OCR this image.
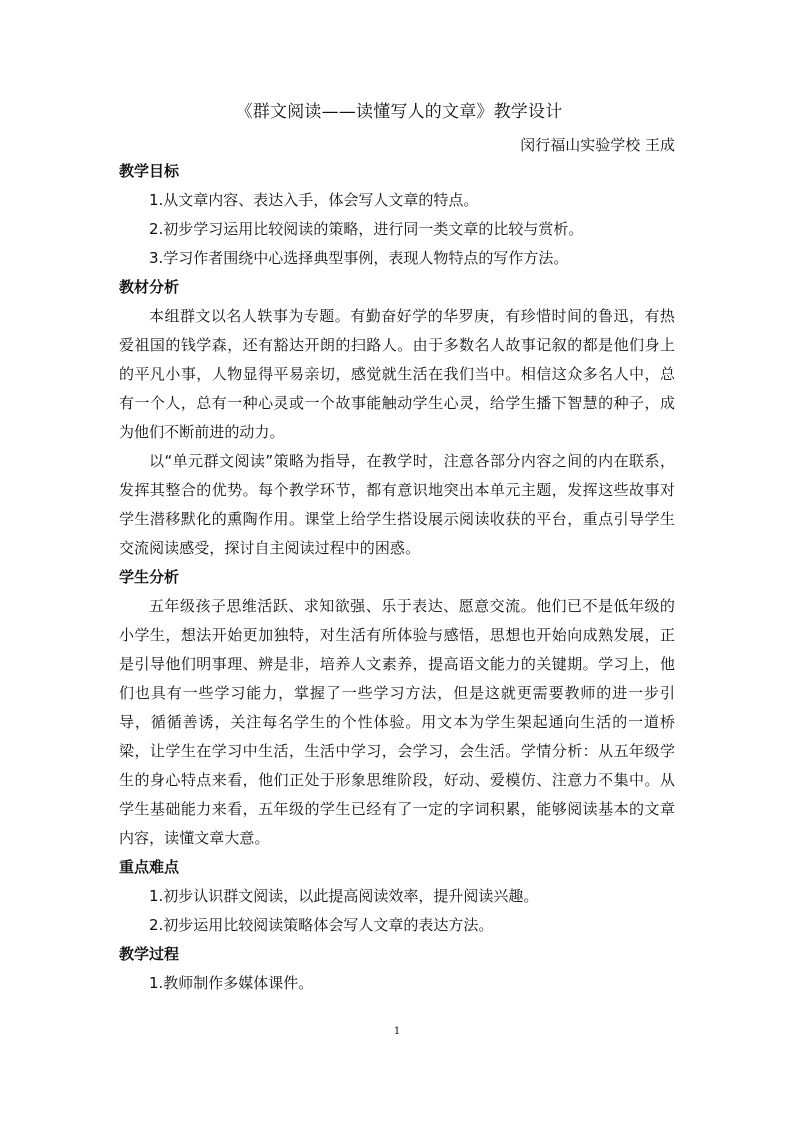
《群文阅读——读懂写人的文章》教学设计
闵行福山实验学校 王成
教学目标
1.从文章内容、表达入手，体会写人文章的特点。
2.初步学习运用比较阅读的策略，进行同一类文章的比较与赏析。
3.学习作者围绕中心选择典型事例，表现人物特点的写作方法。
教材分析
本组群文以名人轶事为专题。有勤奋好学的华罗庚，有珍惜时间的鲁迅，有热爱祖国的钱学森，还有豁达开朗的扫路人。由于多数名人故事记叙的都是他们身上的平凡小事，人物显得平易亲切，感觉就生活在我们当中。相信这众多名人中，总有一个人，总有一种心灵或一个故事能触动学生心灵，给学生播下智慧的种子，成为他们不断前进的动力。
以“单元群文阅读”策略为指导，在教学时，注意各部分内容之间的内在联系，发挥其整合的优势。每个教学环节，都有意识地突出本单元主题，发挥这些故事对学生潜移默化的熏陶作用。课堂上给学生搭设展示阅读收获的平台，重点引导学生交流阅读感受，探讨自主阅读过程中的困惑。
学生分析
五年级孩子思维活跃、求知欲强、乐于表达、愿意交流。他们已不是低年级的小学生，想法开始更加独特，对生活有所体验与感悟，思想也开始向成熟发展，正是引导他们明事理、辨是非，培养人文素养，提高语文能力的关键期。学习上，他们也具有一些学习能力，掌握了一些学习方法，但是这就更需要教师的进一步引导，循循善诱，关注每名学生的个性体验。用文本为学生架起通向生活的一道桥梁，让学生在学习中生活，生活中学习，会学习，会生活。学情分析：从五年级学生的身心特点来看，他们正处于形象思维阶段，好动、爱模仿、注意力不集中。从学生基础能力来看，五年级的学生已经有了一定的字词积累，能够阅读基本的文章内容，读懂文章大意。
重点难点
1.初步认识群文阅读，以此提高阅读效率，提升阅读兴趣。
2.初步运用比较阅读策略体会写人文章的表达方法。
教学过程
1.教师制作多媒体课件。
1
